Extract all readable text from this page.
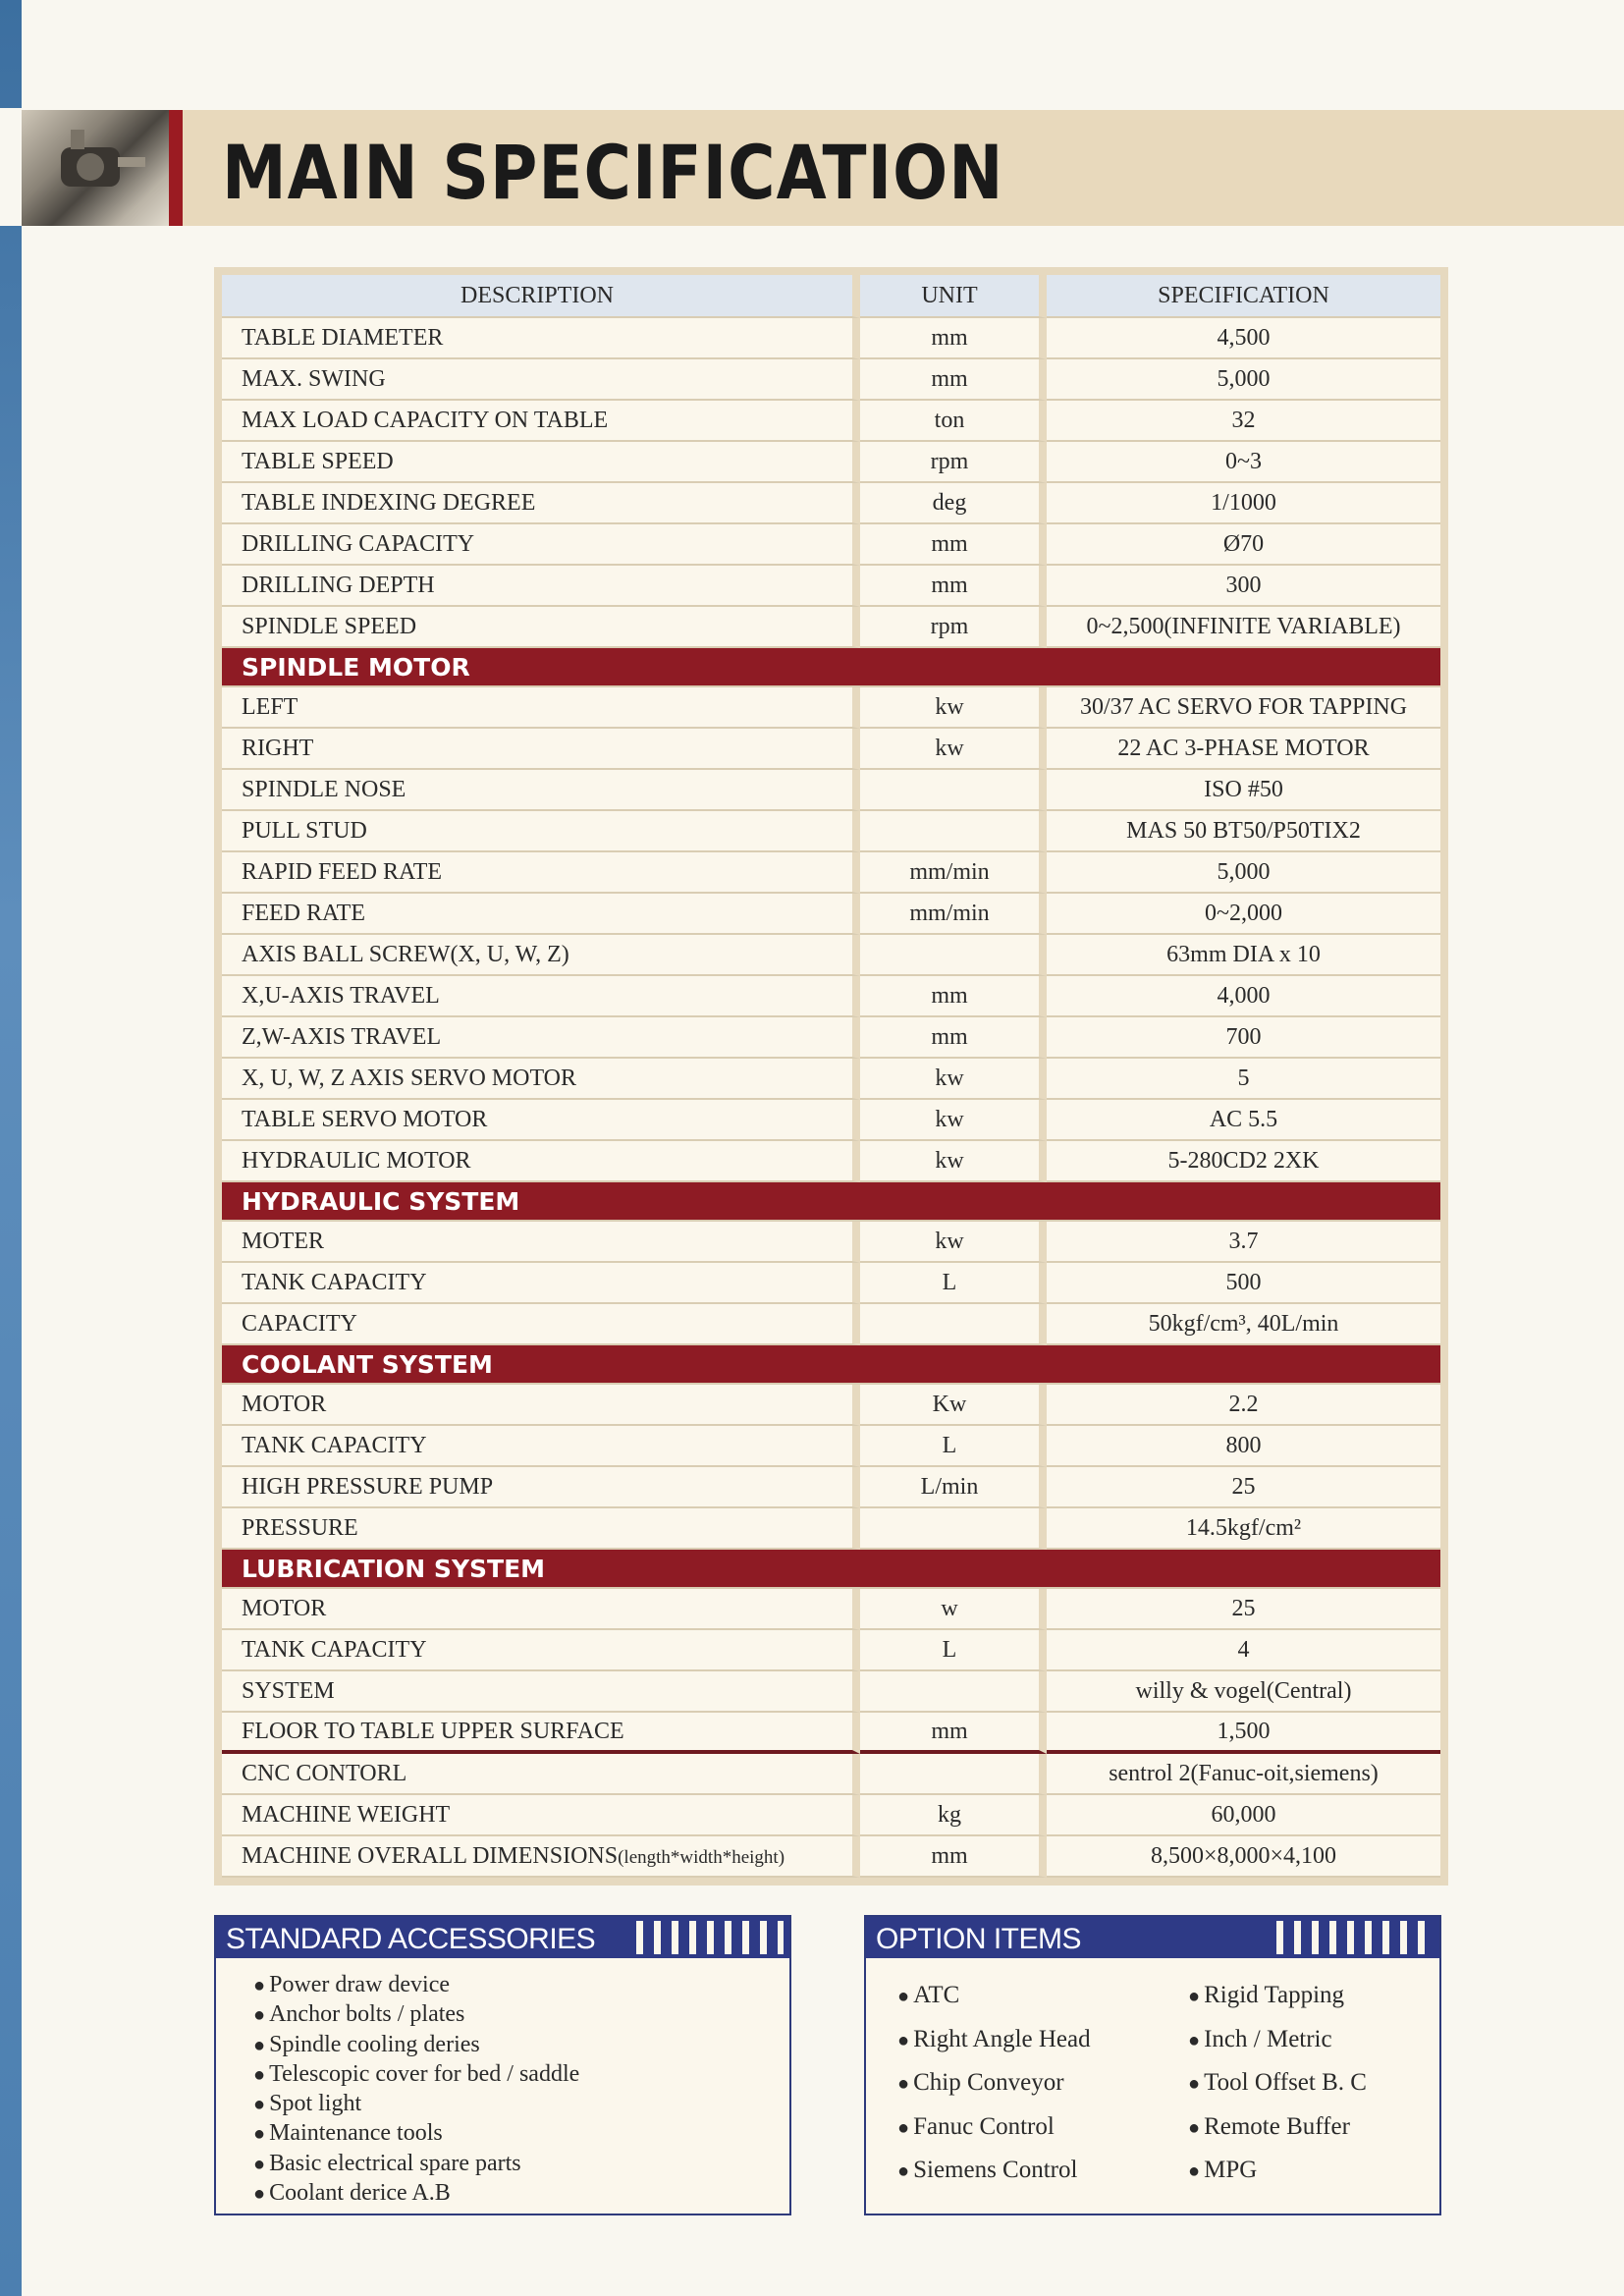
MAIN SPECIFICATION
DESCRIPTION	UNIT	SPECIFICATION
TABLE DIAMETER	mm	4,500
MAX. SWING	mm	5,000
MAX LOAD CAPACITY ON TABLE	ton	32
TABLE SPEED	rpm	0~3
TABLE INDEXING DEGREE	deg	1/1000
DRILLING CAPACITY	mm	Ø70
DRILLING DEPTH	mm	300
SPINDLE SPEED	rpm	0~2,500(INFINITE VARIABLE)
SPINDLE MOTOR		
LEFT	kw	30/37 AC SERVO FOR TAPPING
RIGHT	kw	22 AC 3-PHASE MOTOR
SPINDLE NOSE		ISO #50
PULL STUD		MAS 50 BT50/P50TIX2
RAPID FEED RATE	mm/min	5,000
FEED RATE	mm/min	0~2,000
AXIS BALL SCREW(X, U, W, Z)		63mm DIA x 10
X,U-AXIS TRAVEL	mm	4,000
Z,W-AXIS TRAVEL	mm	700
X, U, W, Z AXIS SERVO MOTOR	kw	5
TABLE SERVO MOTOR	kw	AC 5.5
HYDRAULIC MOTOR	kw	5-280CD2 2XK
HYDRAULIC SYSTEM		
MOTER	kw	3.7
TANK CAPACITY	L	500
CAPACITY		50kgf/cm³, 40L/min
COOLANT SYSTEM		
MOTOR	Kw	2.2
TANK CAPACITY	L	800
HIGH PRESSURE PUMP	L/min	25
PRESSURE		14.5kgf/cm²
LUBRICATION SYSTEM		
MOTOR	w	25
TANK CAPACITY	L	4
SYSTEM		willy & vogel(Central)
FLOOR TO TABLE UPPER SURFACE	mm	1,500
CNC CONTORL		sentrol 2(Fanuc-oit,siemens)
MACHINE WEIGHT	kg	60,000
MACHINE OVERALL DIMENSIONS(length*width*height)	mm	8,500×8,000×4,100
STANDARD ACCESSORIES
● Power draw device
● Anchor bolts / plates
● Spindle cooling deries
● Telescopic cover for bed / saddle
● Spot light
● Maintenance tools
● Basic electrical spare parts
● Coolant derice A.B
OPTION ITEMS
● ATC
● Right Angle Head
● Chip Conveyor
● Fanuc Control
● Siemens Control
● Rigid Tapping
● Inch / Metric
● Tool Offset B. C
● Remote Buffer
● MPG
